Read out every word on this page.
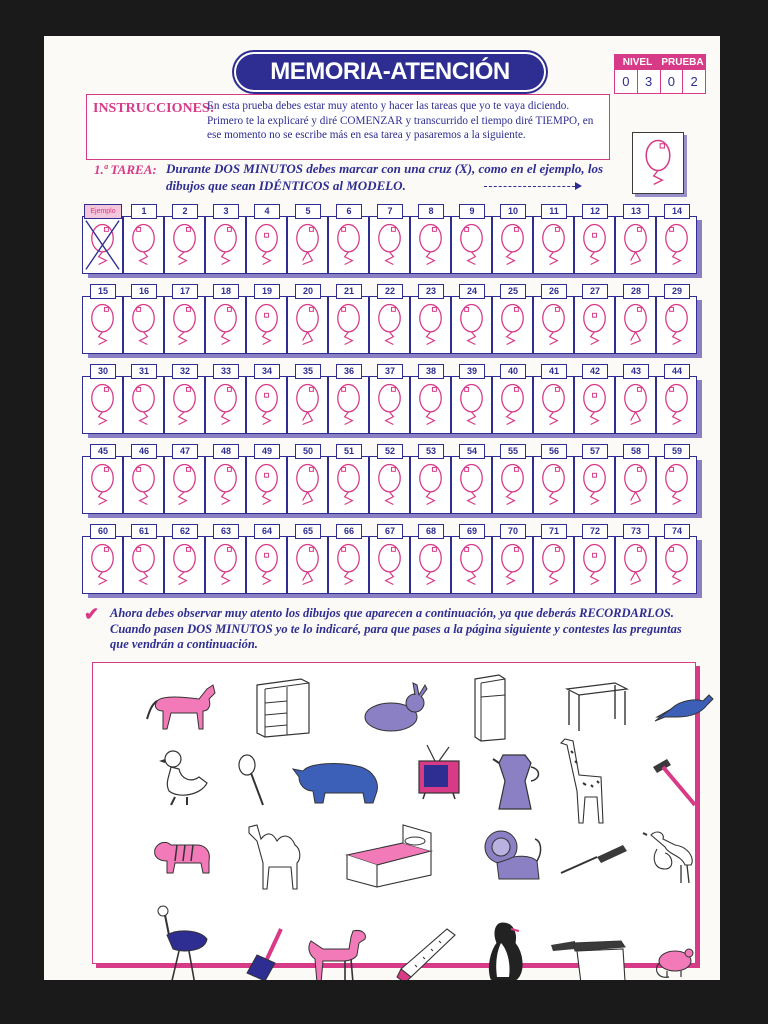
MEMORIA-ATENCIÓN	NIVEL PRUEBA
0	3	0	2
INSTRUCCIONES:
En esta prueba debes estar muy atento y hacer las tareas que yo te vaya diciendo. Primero te la explicaré y diré COMENZAR y transcurrido el tiempo diré TIEMPO, en ese momento no se escribe más en esa tarea y pasaremos a la siguiente.
1.ª TAREA: Durante DOS MINUTOS debes marcar con una cruz (X), como en el ejemplo, los dibujos que sean IDÉNTICOS al MODELO.
Ejemplo	1	2	3	4	5	6	7	8	9	10	11	12	13	14
15	16	17	18	19	20	21	22	23	24	25	26	27	28	29
30	31	32	33	34	35	36	37	38	39	40	41	42	43	44
45	46	47	48	49	50	51	52	53	54	55	56	57	58	59
60	61	62	63	64	65	66	67	68	69	70	71	72	73	74
✔ Ahora debes observar muy atento los dibujos que aparecen a continuación, ya que deberás RECORDARLOS. Cuando pasen DOS MINUTOS yo te lo indicaré, para que pases a la página siguiente y contestes las preguntas que vendrán a continuación.
